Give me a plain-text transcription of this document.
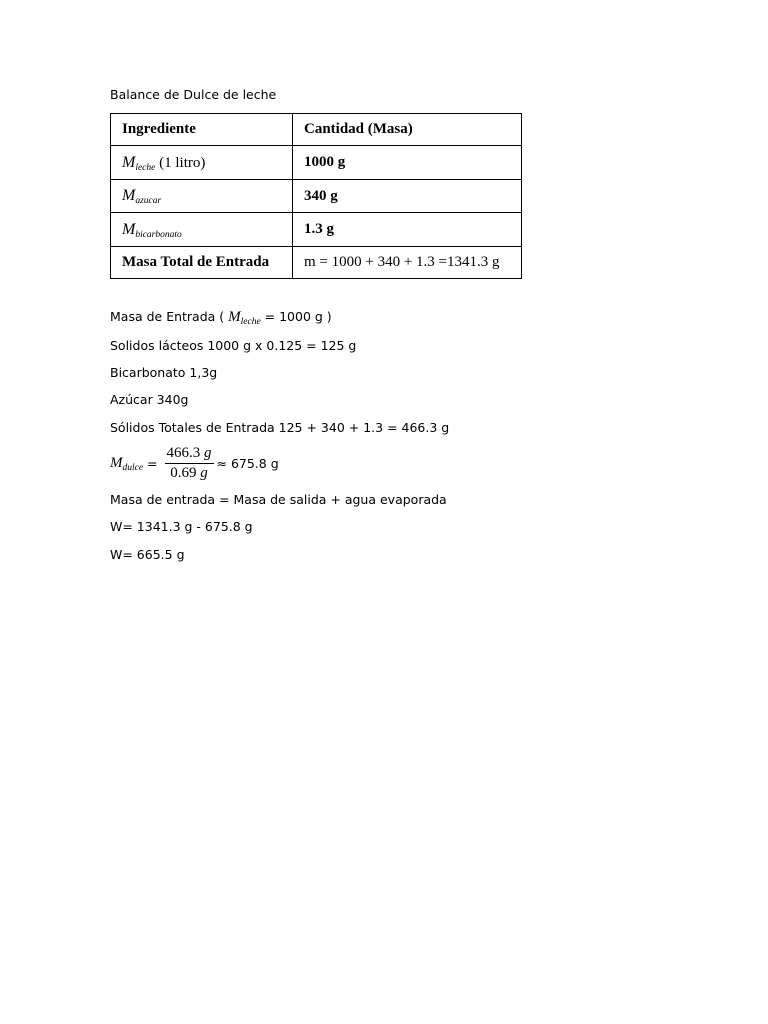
Balance de Dulce de leche
Ingrediente	Cantidad (Masa)
$M_{leche}$ (1 litro)	1000 g
$M_{azucar}$	340 g
$M_{bicarbonato}$	1.3 g
Masa Total de Entrada	m = 1000 + 340 + 1.3 =1341.3 g
Masa de Entrada ( $M_{leche} = 1000$ g )
Solidos lácteos 1000 g x 0.125 = 125 g
Bicarbonato 1,3g
Azúcar 340g
Sólidos Totales de Entrada 125 + 340 + 1.3 = 466.3 g
$M_{dulce} = \frac{466.3 g}{0.69 g} \approx 675.8$ g
Masa de entrada = Masa de salida + agua evaporada
W= 1341.3 g - 675.8 g
W= 665.5 g
